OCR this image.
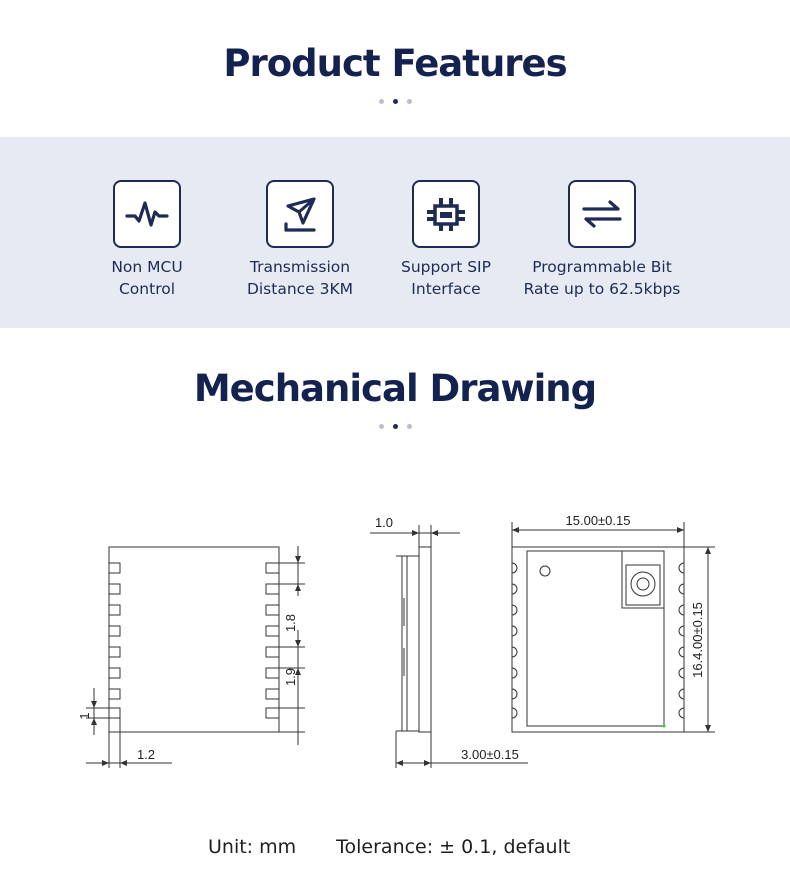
Product Features
Non MCU
Control
Transmission
Distance 3KM
Support SIP
Interface
Programmable Bit
Rate up to 62.5kbps
Mechanical Drawing
1
1.2
1.8
1.9
1.0
3.00±0.15
15.00±0.15
16.4.00±0.15
Unit: mm Tolerance: ± 0.1, default
